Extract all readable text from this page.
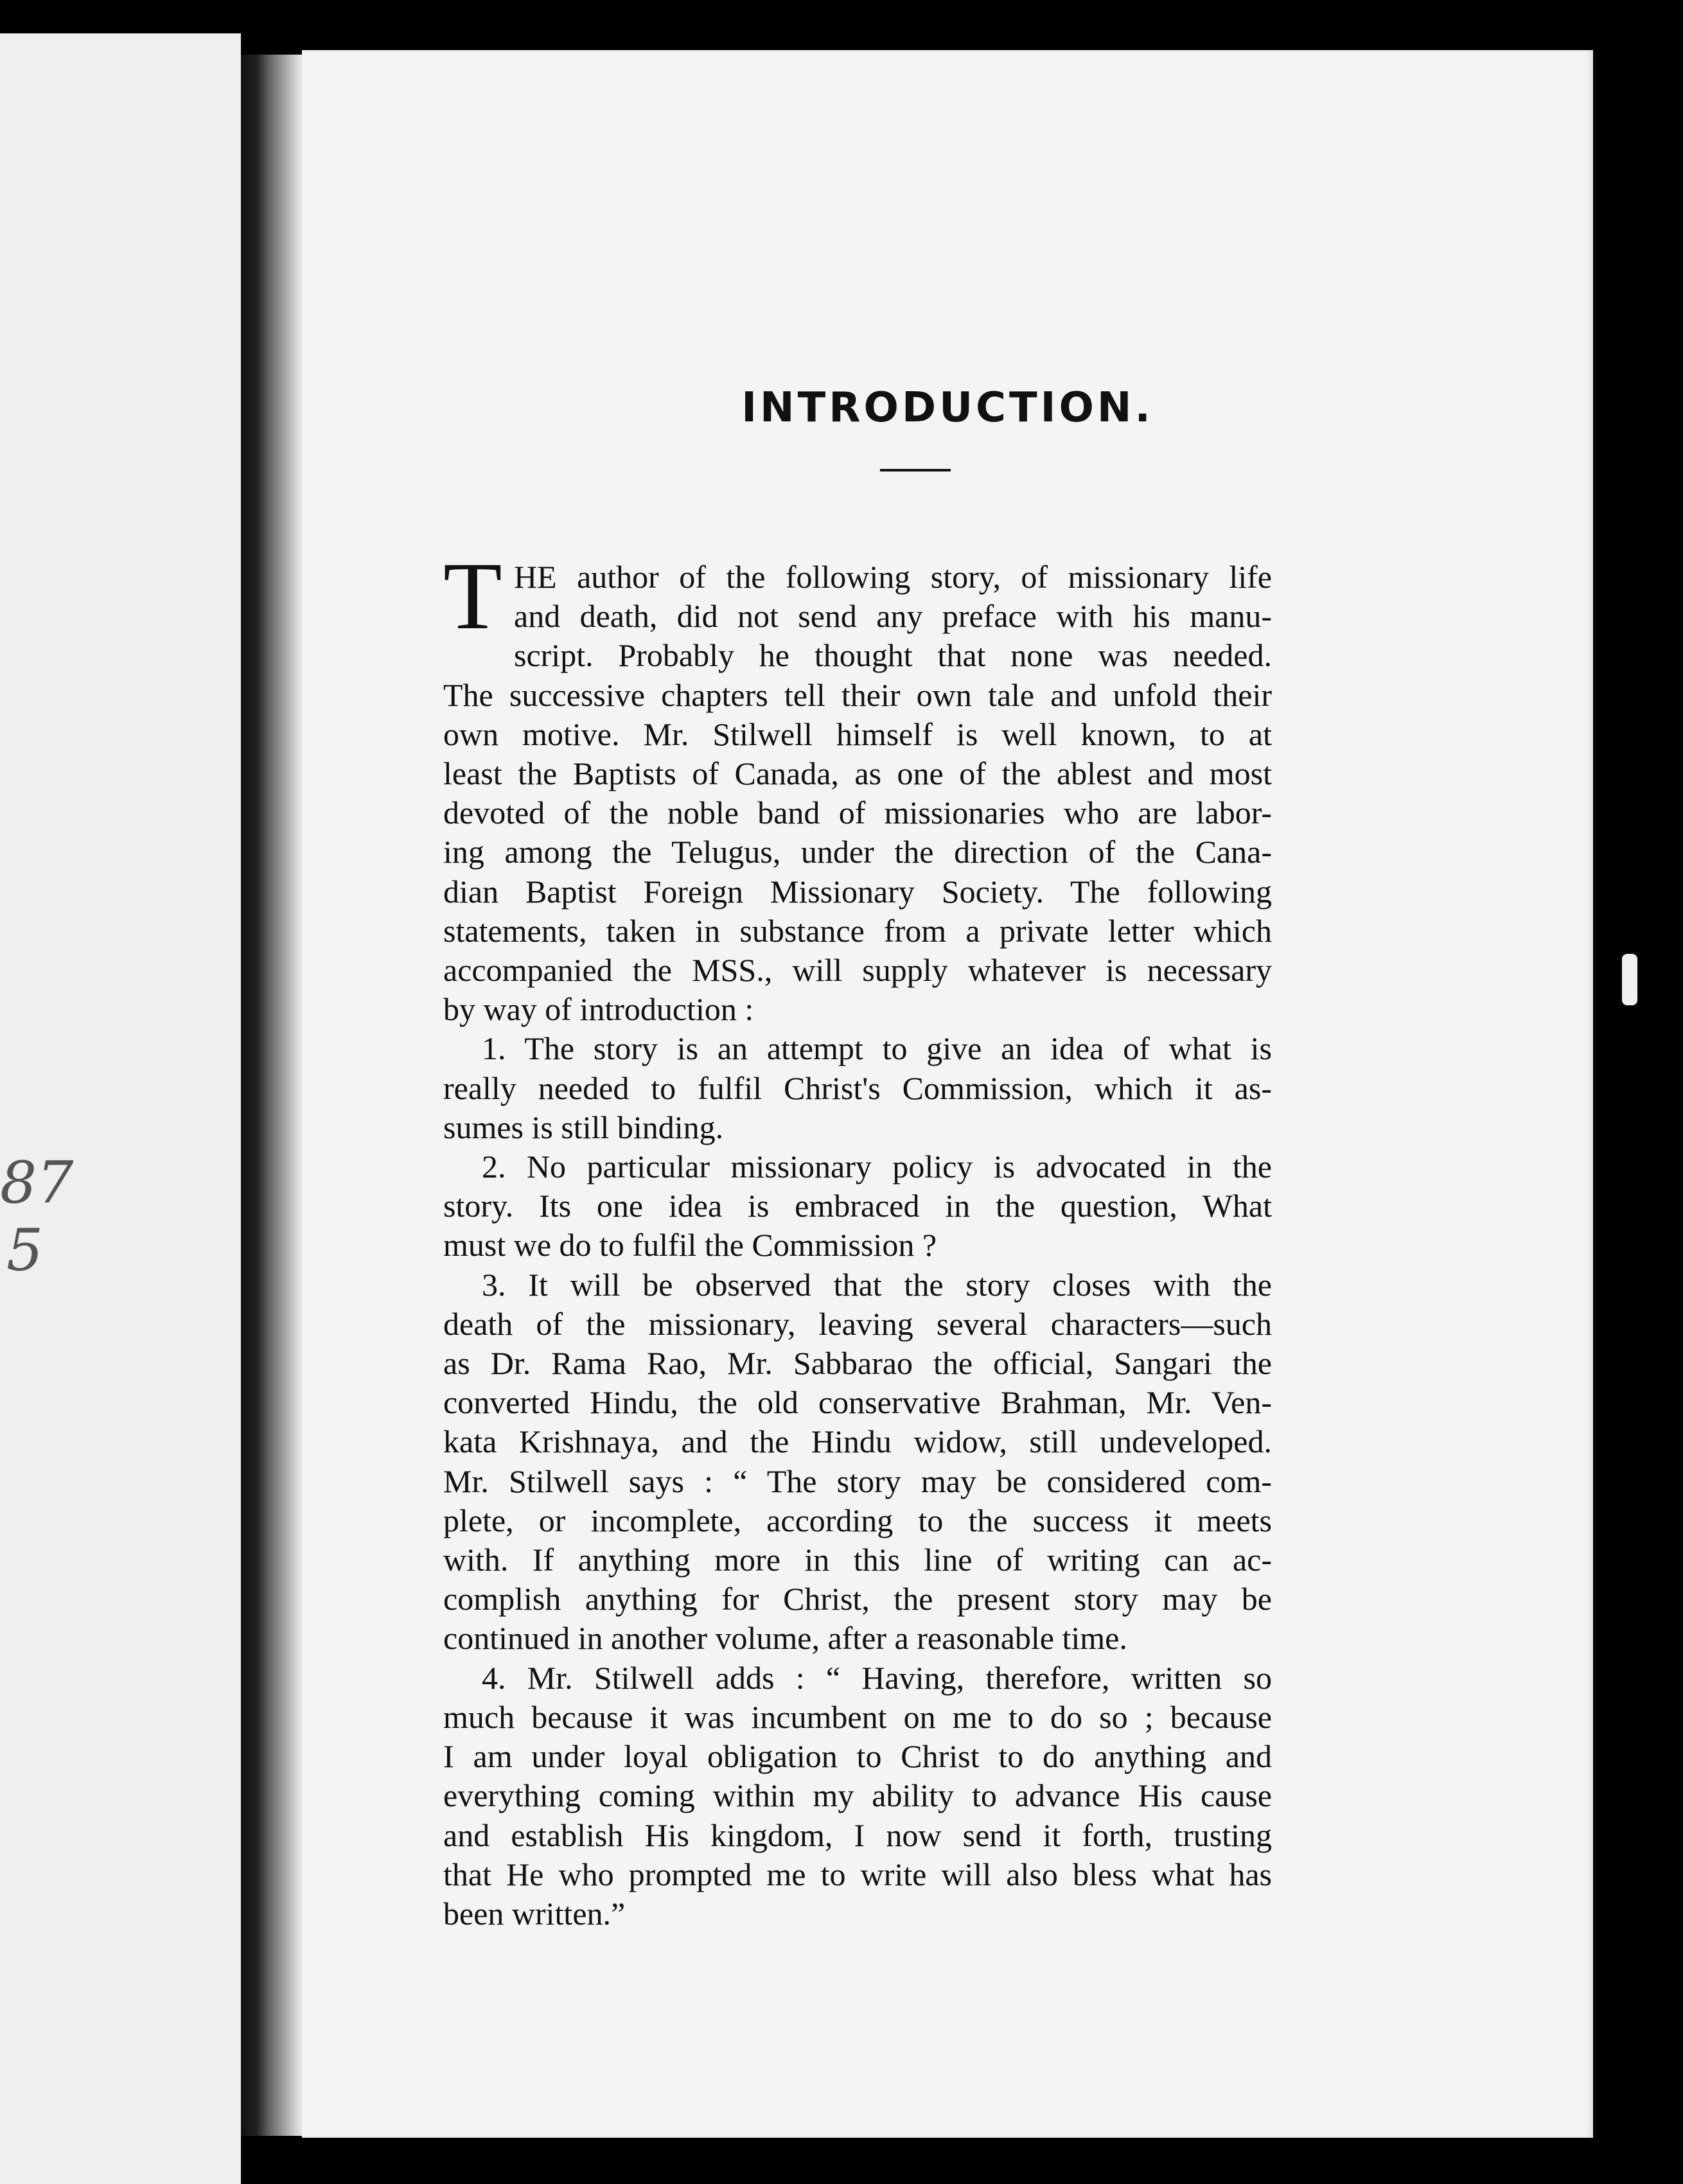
87
5
INTRODUCTION.
T HE author of the following story, of missionary life
and death, did not send any preface with his manu-
script. Probably he thought that none was needed.
The successive chapters tell their own tale and unfold their
own motive. Mr. Stilwell himself is well known, to at
least the Baptists of Canada, as one of the ablest and most
devoted of the noble band of missionaries who are labor-
ing among the Telugus, under the direction of the Cana-
dian Baptist Foreign Missionary Society. The following
statements, taken in substance from a private letter which
accompanied the MSS., will supply whatever is necessary
by way of introduction :
1. The story is an attempt to give an idea of what is
really needed to fulfil Christ's Commission, which it as-
sumes is still binding.
2. No particular missionary policy is advocated in the
story. Its one idea is embraced in the question, What
must we do to fulfil the Commission ?
3. It will be observed that the story closes with the
death of the missionary, leaving several characters—such
as Dr. Rama Rao, Mr. Sabbarao the official, Sangari the
converted Hindu, the old conservative Brahman, Mr. Ven-
kata Krishnaya, and the Hindu widow, still undeveloped.
Mr. Stilwell says : “ The story may be considered com-
plete, or incomplete, according to the success it meets
with. If anything more in this line of writing can ac-
complish anything for Christ, the present story may be
continued in another volume, after a reasonable time.
4. Mr. Stilwell adds : “ Having, therefore, written so
much because it was incumbent on me to do so ; because
I am under loyal obligation to Christ to do anything and
everything coming within my ability to advance His cause
and establish His kingdom, I now send it forth, trusting
that He who prompted me to write will also bless what has
been written.”
